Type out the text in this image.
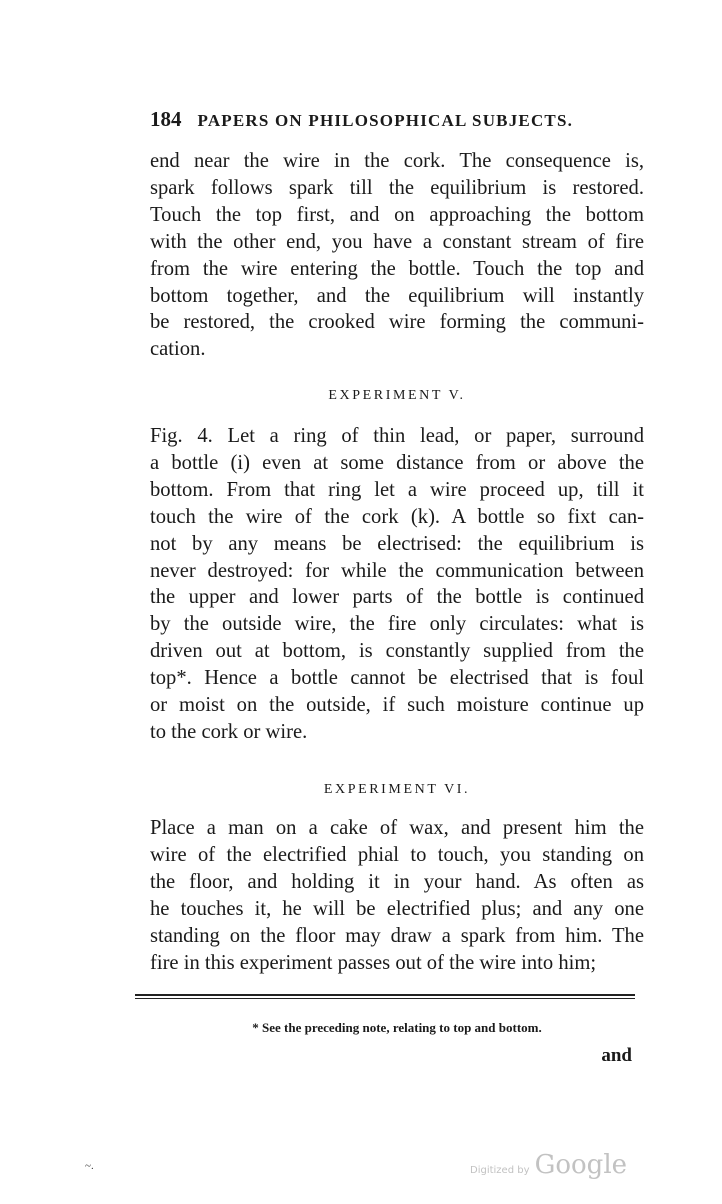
184 PAPERS ON PHILOSOPHICAL SUBJECTS.
end near the wire in the cork. The consequence is,
spark follows spark till the equilibrium is restored.
Touch the top first, and on approaching the bottom
with the other end, you have a constant stream of fire
from the wire entering the bottle. Touch the top and
bottom together, and the equilibrium will instantly
be restored, the crooked wire forming the communi-
cation.
EXPERIMENT V.
Fig. 4. Let a ring of thin lead, or paper, surround
a bottle (i) even at some distance from or above the
bottom. From that ring let a wire proceed up, till it
touch the wire of the cork (k). A bottle so fixt can-
not by any means be electrised: the equilibrium is
never destroyed: for while the communication between
the upper and lower parts of the bottle is continued
by the outside wire, the fire only circulates: what is
driven out at bottom, is constantly supplied from the
top*. Hence a bottle cannot be electrised that is foul
or moist on the outside, if such moisture continue up
to the cork or wire.
EXPERIMENT VI.
Place a man on a cake of wax, and present him the
wire of the electrified phial to touch, you standing on
the floor, and holding it in your hand. As often as
he touches it, he will be electrified plus; and any one
standing on the floor may draw a spark from him. The
fire in this experiment passes out of the wire into him;
* See the preceding note, relating to top and bottom.
and
~.	Digitized by Google
